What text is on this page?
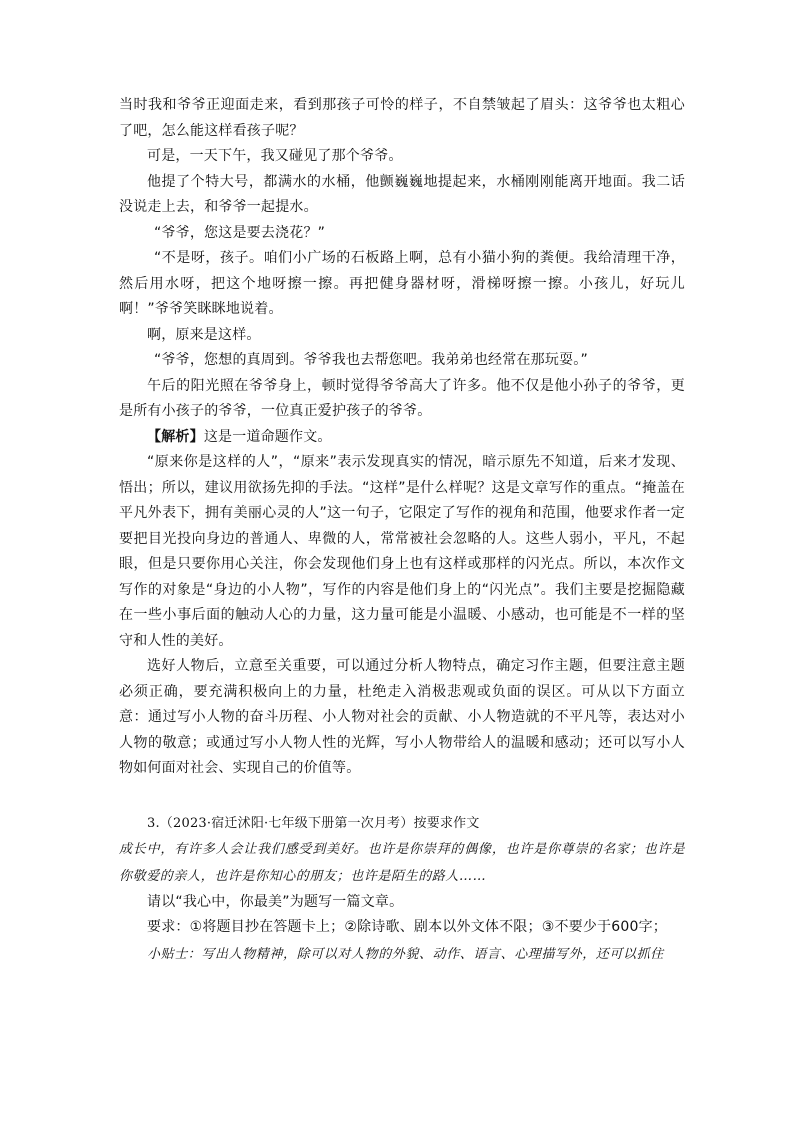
当时我和爷爷正迎面走来，看到那孩子可怜的样子，不自禁皱起了眉头：这爷爷也太粗心了吧，怎么能这样看孩子呢？

可是，一天下午，我又碰见了那个爷爷。

他提了个特大号，都满水的水桶，他颤巍巍地提起来，水桶刚刚能离开地面。我二话没说走上去，和爷爷一起提水。

“爷爷，您这是要去浇花？”

“不是呀，孩子。咱们小广场的石板路上啊，总有小猫小狗的粪便。我给清理干净，然后用水呀，把这个地呀擦一擦。再把健身器材呀，滑梯呀擦一擦。小孩儿，好玩儿啊！”爷爷笑眯眯地说着。

啊，原来是这样。

“爷爷，您想的真周到。爷爷我也去帮您吧。我弟弟也经常在那玩耍。”

午后的阳光照在爷爷身上，顿时觉得爷爷高大了许多。他不仅是他小孙子的爷爷，更是所有小孩子的爷爷，一位真正爱护孩子的爷爷。

【解析】这是一道命题作文。

“原来你是这样的人”，“原来”表示发现真实的情况，暗示原先不知道，后来才发现、悟出；所以，建议用欲扬先抑的手法。“这样”是什么样呢？这是文章写作的重点。“掩盖在平凡外表下，拥有美丽心灵的人”这一句子，它限定了写作的视角和范围，他要求作者一定要把目光投向身边的普通人、卑微的人，常常被社会忽略的人。这些人弱小，平凡，不起眼，但是只要你用心关注，你会发现他们身上也有这样或那样的闪光点。所以，本次作文写作的对象是“身边的小人物”，写作的内容是他们身上的“闪光点”。我们主要是挖掘隐藏在一些小事后面的触动人心的力量，这力量可能是小温暖、小感动，也可能是不一样的坚守和人性的美好。

选好人物后，立意至关重要，可以通过分析人物特点，确定习作主题，但要注意主题必须正确，要充满积极向上的力量，杜绝走入消极悲观或负面的误区。可从以下方面立意：通过写小人物的奋斗历程、小人物对社会的贡献、小人物造就的不平凡等，表达对小人物的敬意；或通过写小人物人性的光辉，写小人物带给人的温暖和感动；还可以写小人物如何面对社会、实现自己的价值等。

3.（2023·宿迁沭阳·七年级下册第一次月考）按要求作文

成长中，有许多人会让我们感受到美好。也许是你崇拜的偶像，也许是你尊崇的名家；也许是你敬爱的亲人，也许是你知心的朋友；也许是陌生的路人……

请以“我心中，你最美”为题写一篇文章。

要求：①将题目抄在答题卡上；②除诗歌、剧本以外文体不限；③不要少于600字；

小贴士：写出人物精神，除可以对人物的外貌、动作、语言、心理描写外，还可以抓住
